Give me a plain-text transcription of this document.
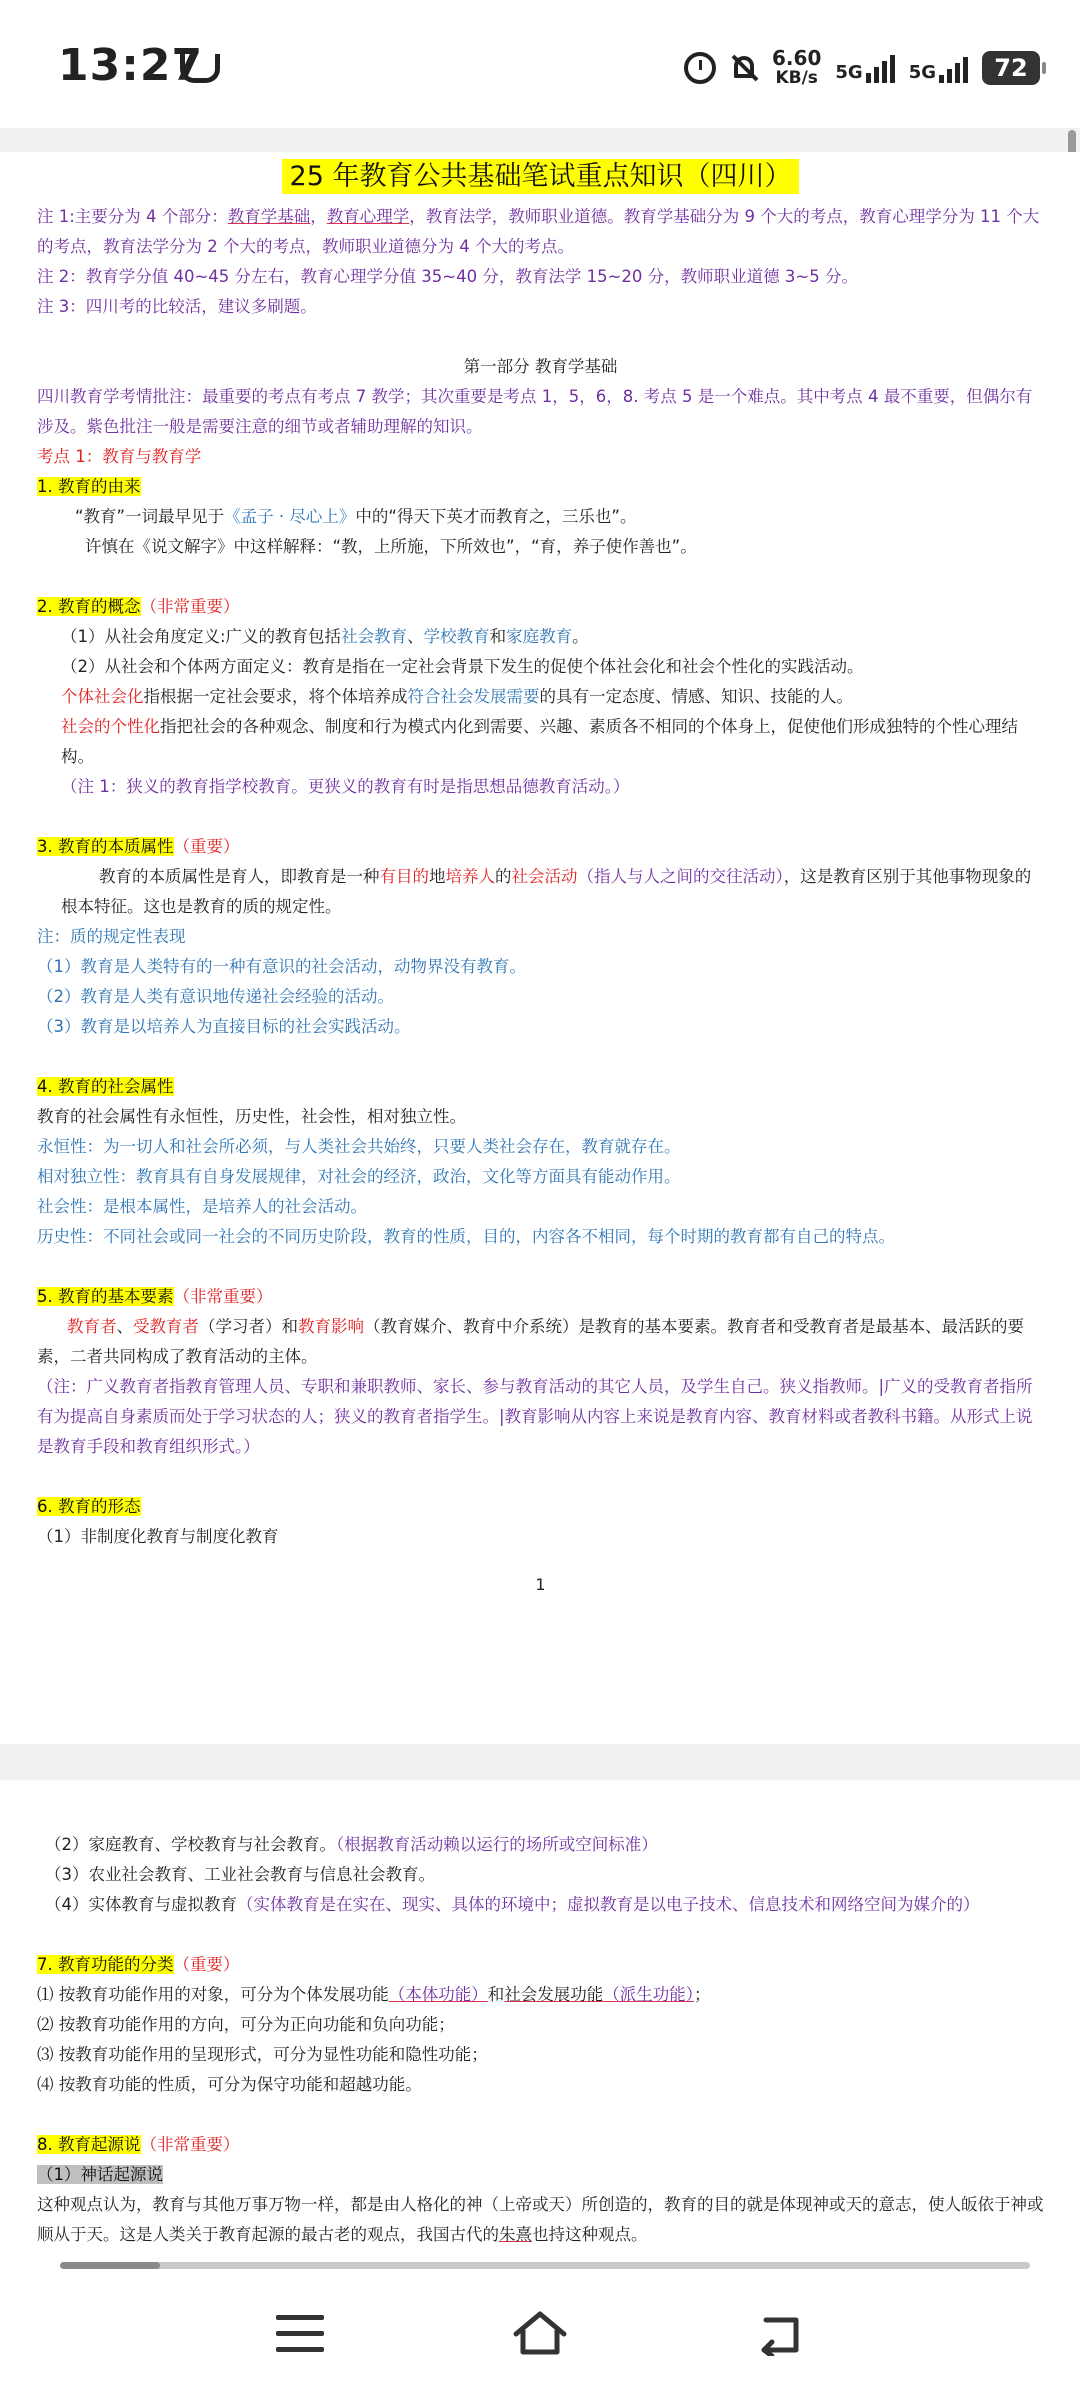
13:27	6.60
KB/s 5G	5G	72

25 年教育公共基础笔试重点知识（四川）

注 1:主要分为 4 个部分：教育学基础，教育心理学，教育法学，教师职业道德。教育学基础分为 9 个大的考点，教育心理学分为 11 个大的考点，教育法学分为 2 个大的考点，教师职业道德分为 4 个大的考点。

注 2：教育学分值 40~45 分左右，教育心理学分值 35~40 分，教育法学 15~20 分，教师职业道德 3~5 分。

注 3：四川考的比较活，建议多刷题。

第一部分 教育学基础

四川教育学考情批注：最重要的考点有考点 7 教学；其次重要是考点 1，5，6，8. 考点 5 是一个难点。其中考点 4 最不重要，但偶尔有涉及。紫色批注一般是需要注意的细节或者辅助理解的知识。

考点 1：教育与教育学

1. 教育的由来

“教育”一词最早见于《孟子 · 尽心上》中的“得天下英才而教育之，三乐也”。

许慎在《说文解字》中这样解释：“教，上所施，下所效也”，“育，养子使作善也”。

2. 教育的概念（非常重要）

（1）从社会角度定义:广义的教育包括社会教育、学校教育和家庭教育。

（2）从社会和个体两方面定义：教育是指在一定社会背景下发生的促使个体社会化和社会个性化的实践活动。

个体社会化指根据一定社会要求，将个体培养成符合社会发展需要的具有一定态度、情感、知识、技能的人。

社会的个性化指把社会的各种观念、制度和行为模式内化到需要、兴趣、素质各不相同的个体身上，促使他们形成独特的个性心理结构。

（注 1：狭义的教育指学校教育。更狭义的教育有时是指思想品德教育活动。）

3. 教育的本质属性（重要）

教育的本质属性是育人，即教育是一种有目的地培养人的社会活动（指人与人之间的交往活动），这是教育区别于其他事物现象的根本特征。这也是教育的质的规定性。

注：质的规定性表现

（1）教育是人类特有的一种有意识的社会活动，动物界没有教育。

（2）教育是人类有意识地传递社会经验的活动。

（3）教育是以培养人为直接目标的社会实践活动。

4. 教育的社会属性

教育的社会属性有永恒性，历史性，社会性，相对独立性。

永恒性：为一切人和社会所必须，与人类社会共始终，只要人类社会存在，教育就存在。

相对独立性：教育具有自身发展规律，对社会的经济，政治，文化等方面具有能动作用。

社会性：是根本属性，是培养人的社会活动。

历史性：不同社会或同一社会的不同历史阶段，教育的性质，目的，内容各不相同，每个时期的教育都有自己的特点。

5. 教育的基本要素（非常重要）

教育者、受教育者（学习者）和教育影响（教育媒介、教育中介系统）是教育的基本要素。教育者和受教育者是最基本、最活跃的要素，二者共同构成了教育活动的主体。

（注：广义教育者指教育管理人员、专职和兼职教师、家长、参与教育活动的其它人员，及学生自己。狭义指教师。|广义的受教育者指所有为提高自身素质而处于学习状态的人；狭义的教育者指学生。|教育影响从内容上来说是教育内容、教育材料或者教科书籍。从形式上说是教育手段和教育组织形式。）

6. 教育的形态

（1）非制度化教育与制度化教育

1

（2）家庭教育、学校教育与社会教育。（根据教育活动赖以运行的场所或空间标准）

（3）农业社会教育、工业社会教育与信息社会教育。

（4）实体教育与虚拟教育（实体教育是在实在、现实、具体的环境中；虚拟教育是以电子技术、信息技术和网络空间为媒介的）

7. 教育功能的分类（重要）

⑴ 按教育功能作用的对象，可分为个体发展功能（本体功能）和社会发展功能（派生功能）；

⑵ 按教育功能作用的方向，可分为正向功能和负向功能；

⑶ 按教育功能作用的呈现形式，可分为显性功能和隐性功能；

⑷ 按教育功能的性质，可分为保守功能和超越功能。

8. 教育起源说（非常重要）

（1）神话起源说

这种观点认为，教育与其他万事万物一样，都是由人格化的神（上帝或天）所创造的，教育的目的就是体现神或天的意志，使人皈依于神或顺从于天。这是人类关于教育起源的最古老的观点，我国古代的朱熹也持这种观点。
